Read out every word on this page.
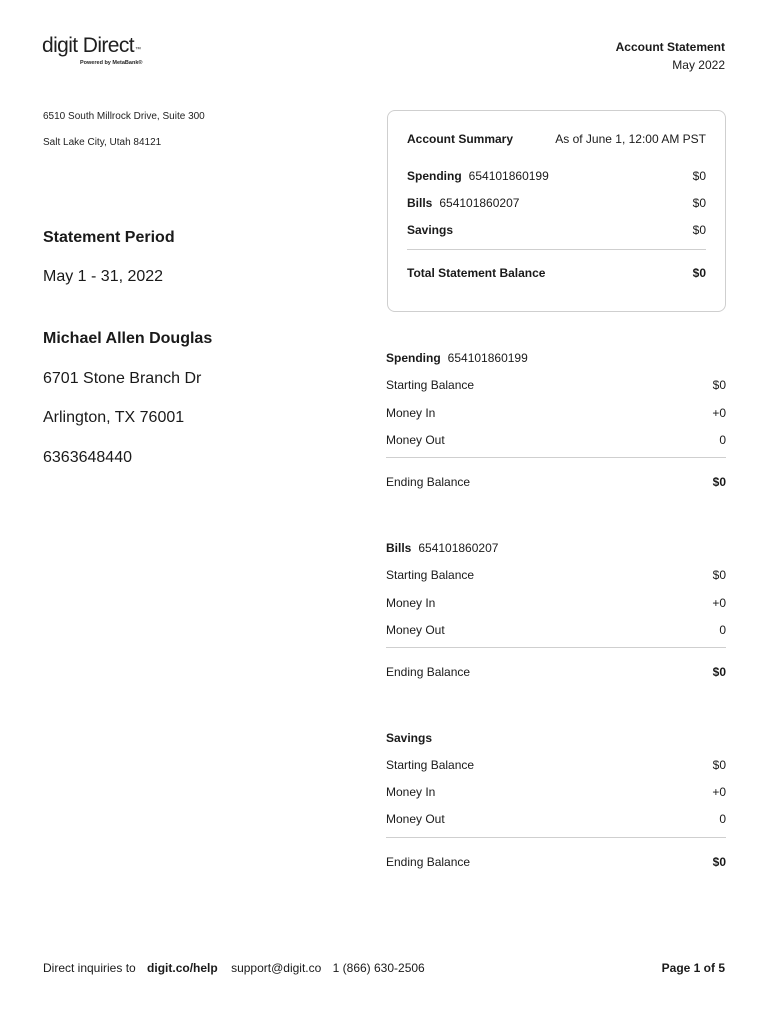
digit Direct™
Powered by MetaBank®
Account Statement
May 2022
6510 South Millrock Drive, Suite 300
Salt Lake City, Utah 84121
Statement Period
May 1 - 31, 2022
Michael Allen Douglas
6701 Stone Branch Dr
Arlington, TX 76001
6363648440
Account Summary	As of June 1, 12:00 AM PST
Spending 654101860199	$0
Bills 654101860207	$0
Savings	$0
Total Statement Balance	$0
Spending 654101860199
Starting Balance	$0
Money In	+0
Money Out	0
Ending Balance	$0
Bills 654101860207
Starting Balance	$0
Money In	+0
Money Out	0
Ending Balance	$0
Savings
Starting Balance	$0
Money In	+0
Money Out	0
Ending Balance	$0
Direct inquiries to digit.co/help support@digit.co 1 (866) 630-2506	Page 1 of 5
